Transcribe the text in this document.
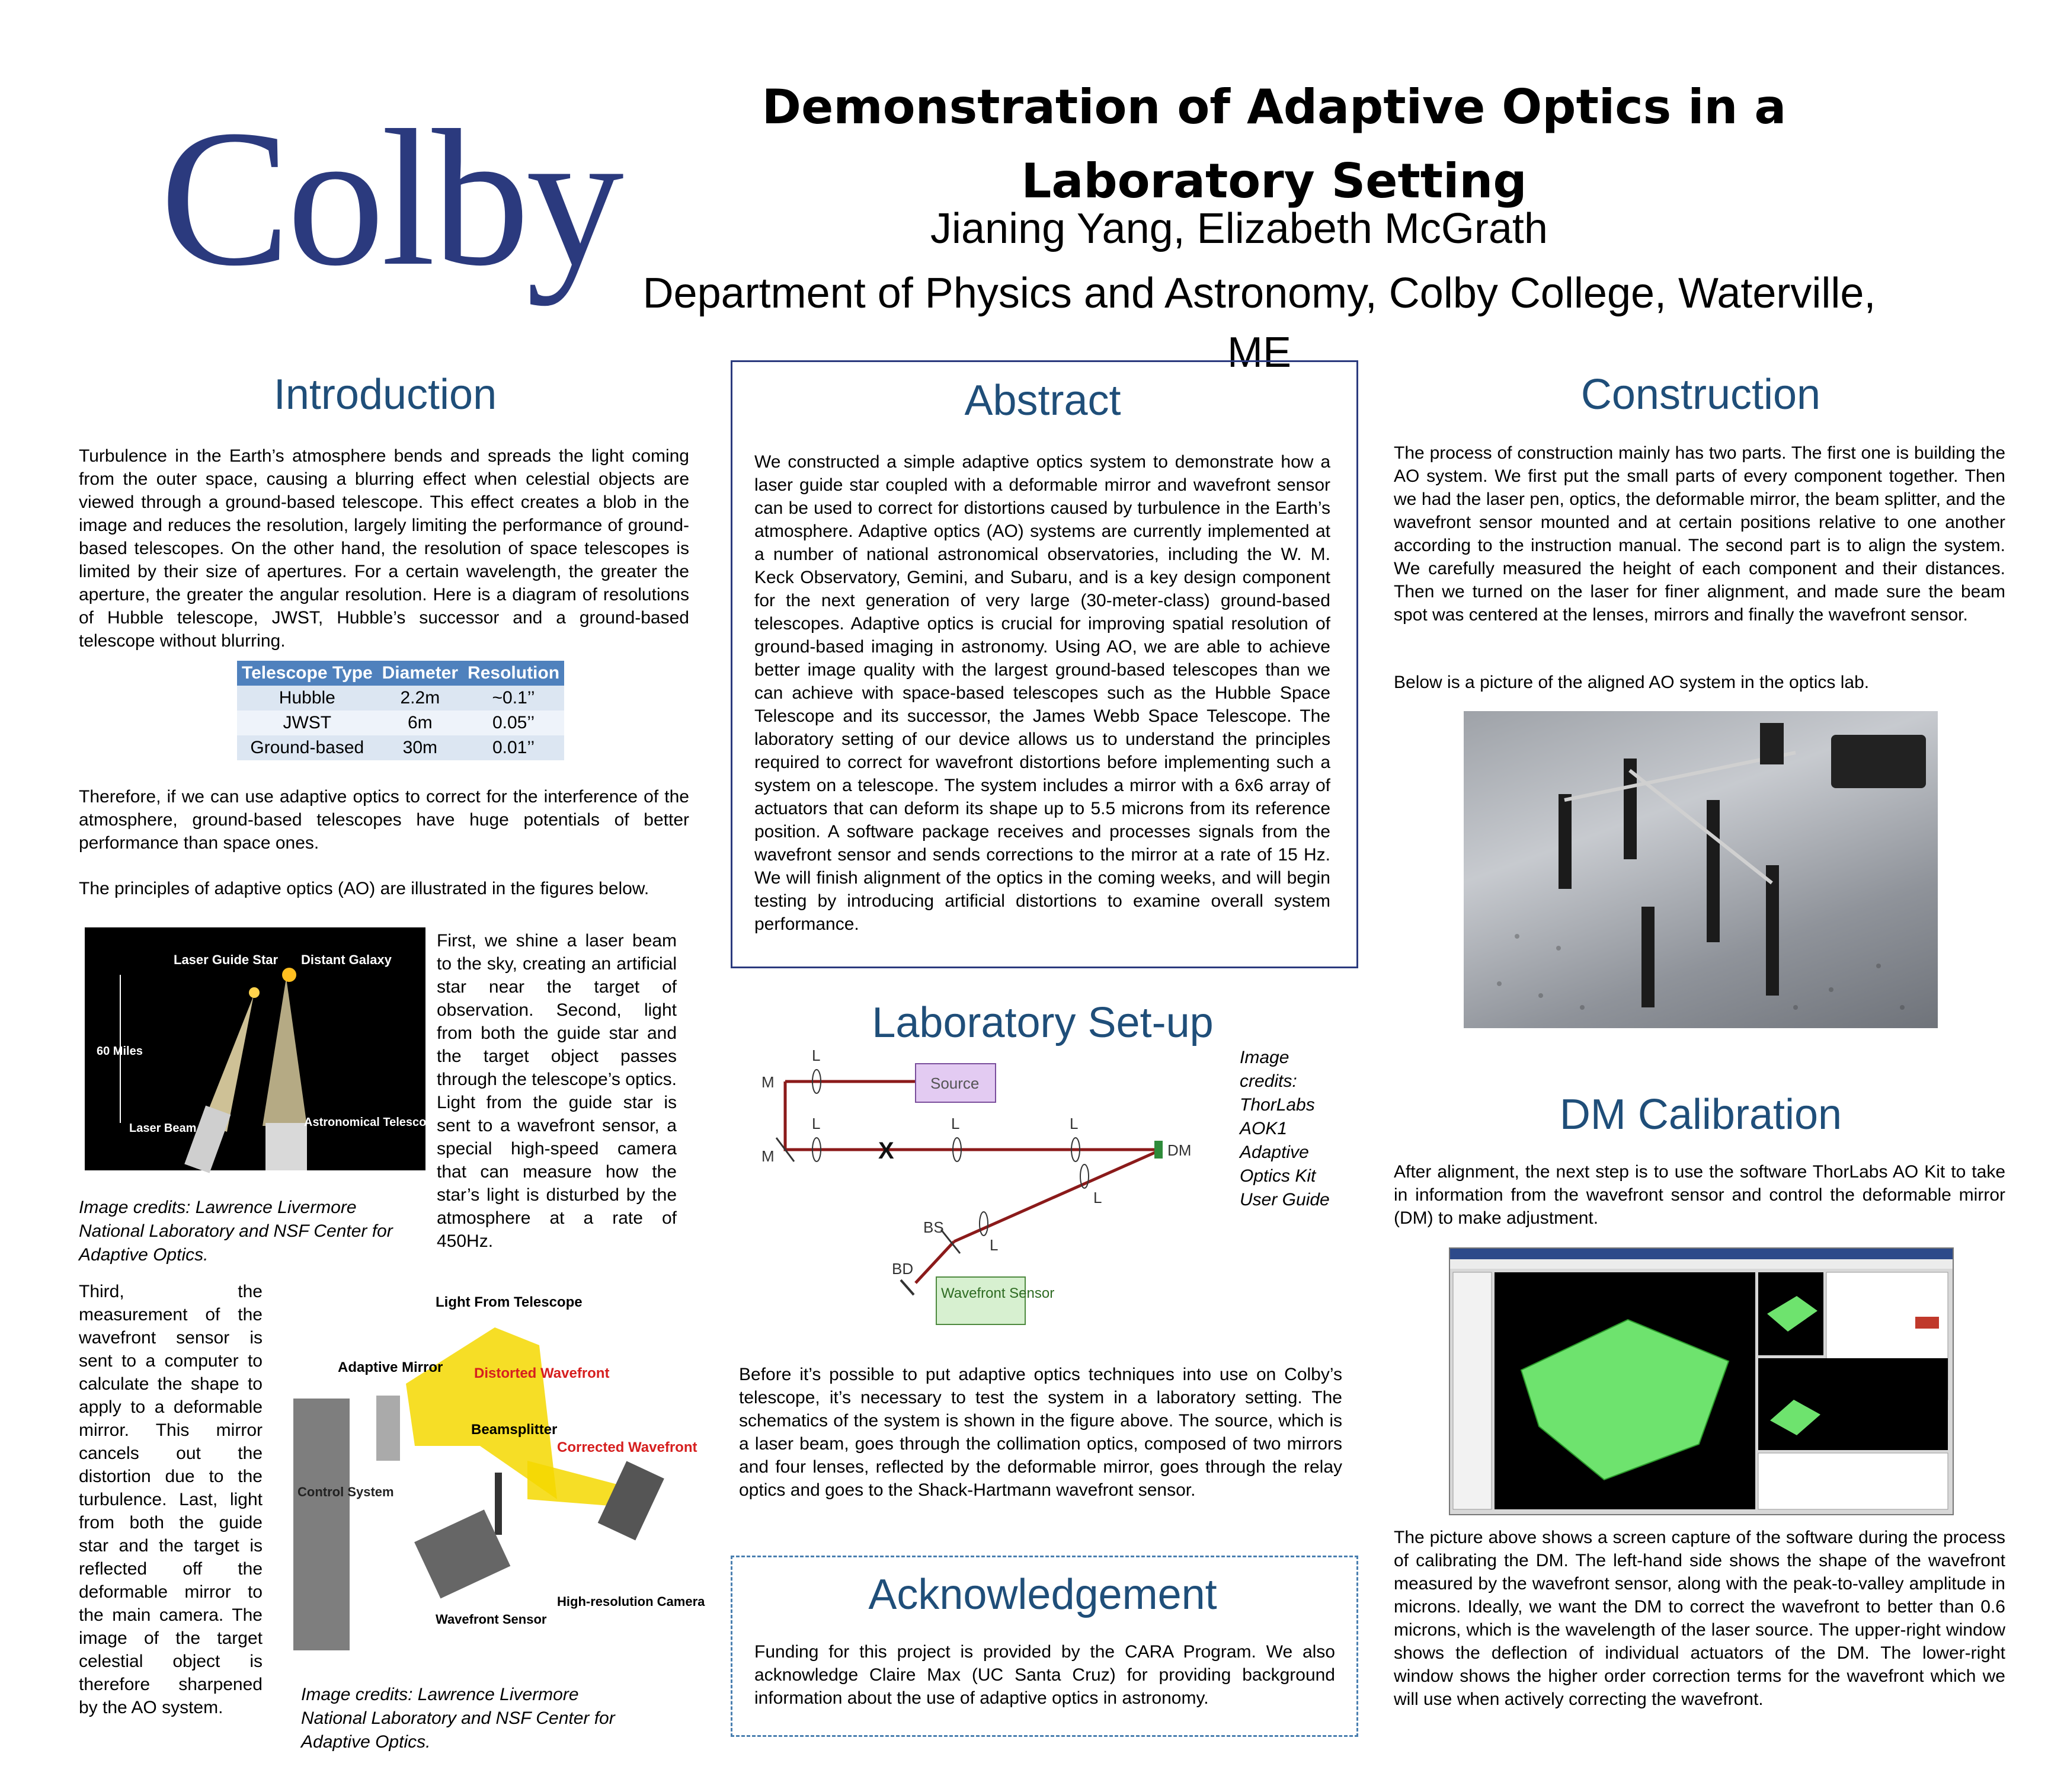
Colby	Demonstration of Adaptive Optics in a
Laboratory Setting
Jianing Yang, Elizabeth McGrath
Department of Physics and Astronomy, Colby College, Waterville, ME
Introduction
Turbulence in the Earth’s atmosphere bends and spreads the light coming from the outer space, causing a blurring effect when celestial objects are viewed through a ground-based telescope. This effect creates a blob in the image and reduces the resolution, largely limiting the performance of ground-based telescopes. On the other hand, the resolution of space telescopes is limited by their size of apertures. For a certain wavelength, the greater the aperture, the greater the angular resolution. Here is a diagram of resolutions of Hubble telescope, JWST, Hubble’s successor and a ground-based telescope without blurring.
Telescope Type	Diameter	Resolution
Hubble	2.2m	~0.1’’
JWST	6m	0.05’’
Ground-based	30m	0.01’’
Therefore, if we can use adaptive optics to correct for the interference of the atmosphere, ground-based telescopes have huge potentials of better performance than space ones.
The principles of adaptive optics (AO) are illustrated in the figures below.
Laser Guide Star Distant Galaxy
60 Miles
Laser Beam	Astronomical Telescope
First, we shine a laser beam to the sky, creating an artificial star near the target of observation. Second, light from both the guide star and the target object passes through the telescope’s optics. Light from the guide star is sent to a wavefront sensor, a special high-speed camera that can measure how the star’s light is disturbed by the atmosphere at a rate of 450Hz.
Image credits: Lawrence Livermore National Laboratory and NSF Center for Adaptive Optics.
Third, the measurement of the wavefront sensor is sent to a computer to calculate the shape to apply to a deformable mirror. This mirror cancels out the distortion due to the turbulence. Last, light from both the guide star and the target is reflected off the deformable mirror to the main camera. The image of the target celestial object is therefore sharpened by the AO system.
Light From Telescope
Adaptive Mirror Distorted Wavefront
Control System
Beamsplitter
Corrected Wavefront
Wavefront Sensor
High-resolution Camera
Image credits: Lawrence Livermore National Laboratory and NSF Center for Adaptive Optics.
Abstract
We constructed a simple adaptive optics system to demonstrate how a laser guide star coupled with a deformable mirror and wavefront sensor can be used to correct for distortions caused by turbulence in the Earth’s atmosphere. Adaptive optics (AO) systems are currently implemented at a number of national astronomical observatories, including the W. M. Keck Observatory, Gemini, and Subaru, and is a key design component for the next generation of very large (30-meter-class) ground-based telescopes. Adaptive optics is crucial for improving spatial resolution of ground-based imaging in astronomy. Using AO, we are able to achieve better image quality with the largest ground-based telescopes than we can achieve with space-based telescopes such as the Hubble Space Telescope and its successor, the James Webb Space Telescope. The laboratory setting of our device allows us to understand the principles required to correct for wavefront distortions before implementing such a system on a telescope. The system includes a mirror with a 6x6 array of actuators that can deform its shape up to 5.5 microns from its reference position. A software package receives and processes signals from the wavefront sensor and sends corrections to the mirror at a rate of 15 Hz. We will finish alignment of the optics in the coming weeks, and will begin testing by introducing artificial distortions to examine overall system performance.
Laboratory Set-up
M
M
L
L	L	L
L
L
Source
DM
BS
BD
Wavefront Sensor
X
Image credits: ThorLabs AOK1 Adaptive Optics Kit User Guide
Before it’s possible to put adaptive optics techniques into use on Colby’s telescope, it’s necessary to test the system in a laboratory setting. The schematics of the system is shown in the figure above. The source, which is a laser beam, goes through the collimation optics, composed of two mirrors and four lenses, reflected by the deformable mirror, goes through the relay optics and goes to the Shack-Hartmann wavefront sensor.
Acknowledgement
Funding for this project is provided by the CARA Program. We also acknowledge Claire Max (UC Santa Cruz) for providing background information about the use of adaptive optics in astronomy.
Construction
The process of construction mainly has two parts. The first one is building the AO system. We first put the small parts of every component together. Then we had the laser pen, optics, the deformable mirror, the beam splitter, and the wavefront sensor mounted and at certain positions relative to one another according to the instruction manual. The second part is to align the system. We carefully measured the height of each component and their distances. Then we turned on the laser for finer alignment, and made sure the beam spot was centered at the lenses, mirrors and finally the wavefront sensor.
Below is a picture of the aligned AO system in the optics lab.
DM Calibration
After alignment, the next step is to use the software ThorLabs AO Kit to take in information from the wavefront sensor and control the deformable mirror (DM) to make adjustment.
The picture above shows a screen capture of the software during the process of calibrating the DM. The left-hand side shows the shape of the wavefront measured by the wavefront sensor, along with the peak-to-valley amplitude in microns. Ideally, we want the DM to correct the wavefront to better than 0.6 microns, which is the wavelength of the laser source. The upper-right window shows the deflection of individual actuators of the DM. The lower-right window shows the higher order correction terms for the wavefront which we will use when actively correcting the wavefront.
